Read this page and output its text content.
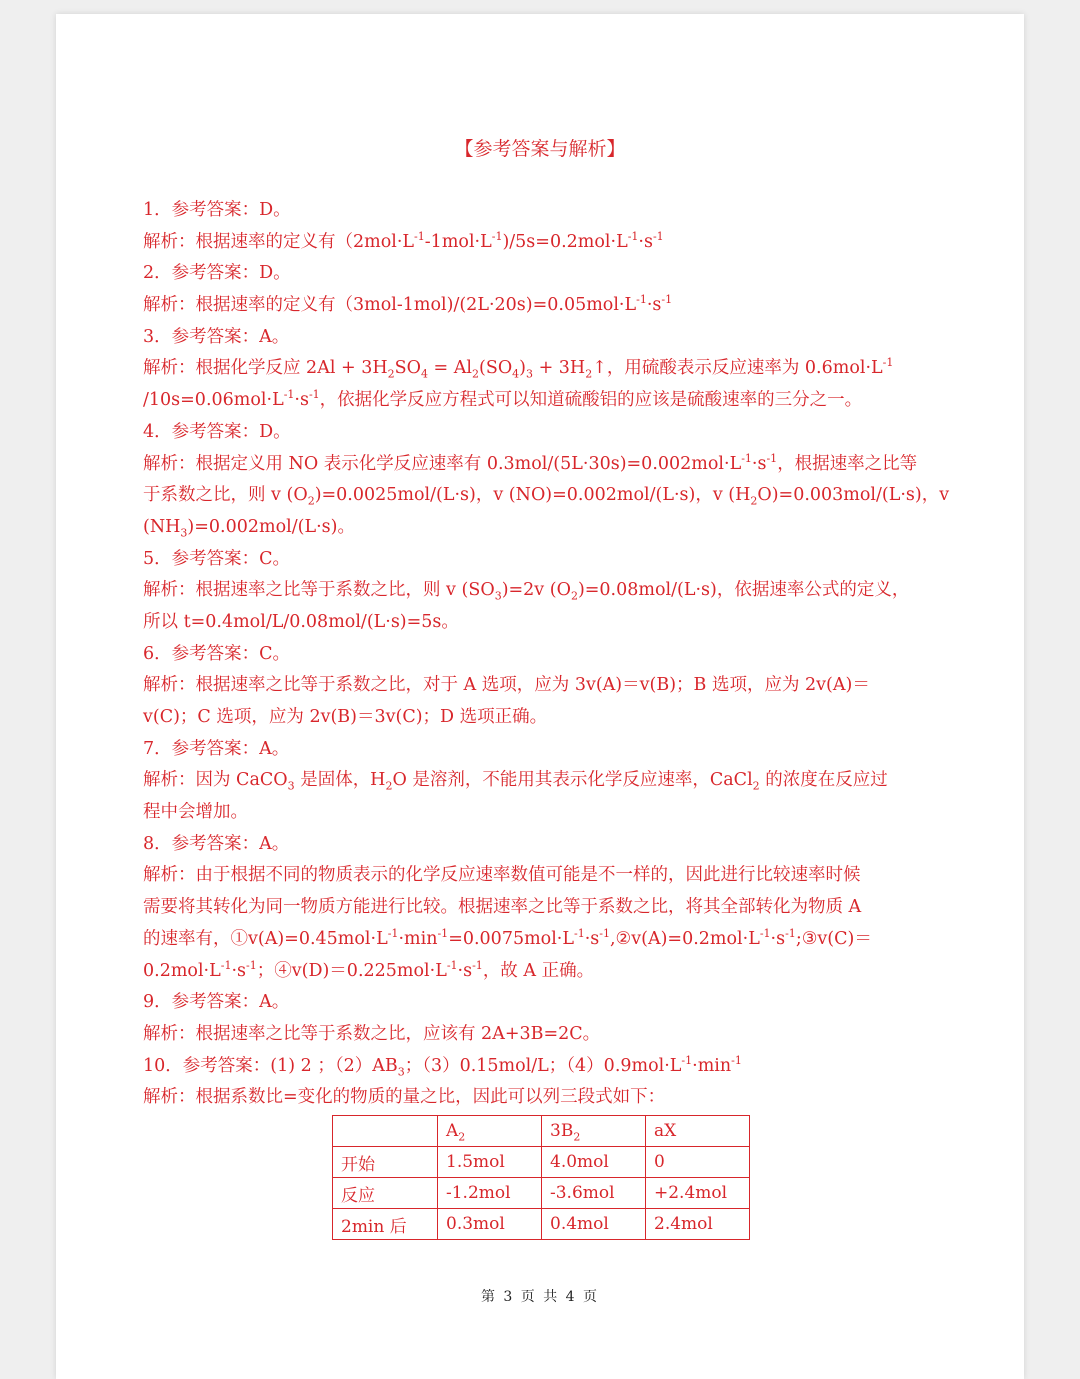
【参考答案与解析】
1．参考答案：D。
解析：根据速率的定义有$(2mol\cdot L^{-1}-1mol\cdot L^{-1})/5s=0.2mol\cdot L^{-1}\cdot s^{-1}$
2．参考答案：D。
解析：根据速率的定义有$(3mol-1mol)/(2L\cdot 20s)=0.05mol\cdot L^{-1}\cdot s^{-1}$
3．参考答案：A。
解析：根据化学反应 $2Al + 3H_2SO_4 = Al_2(SO_4)_3$ + $3H_2↑$，用硫酸表示反应速率为 $0.6mol\cdot L^{-1}$
$/10s=0.06mol\cdot L^{-1}\cdot s^{-1}$，依据化学反应方程式可以知道硫酸铝的应该是硫酸速率的三分之一。
4．参考答案：D。
解析：根据定义用 NO 表示化学反应速率有 $0.3mol/(5L\cdot 30s)=0.002mol\cdot L^{-1}\cdot s^{-1}$，根据速率之比等
于系数之比，则 v $(O_2)=0.0025mol/(L\cdot s)$，v (NO)=0.002mol/(L·s)，v $(H_2O)=0.003mol/(L\cdot s)$，v
$(NH_3)=0.002mol/(L\cdot s)$。
5．参考答案：C。
解析：根据速率之比等于系数之比，则 v $(SO_3)=2v$ $(O_2)=0.08mol/(L\cdot s)$，依据速率公式的定义，
所以 t=0.4mol/L/0.08mol/(L·s)=5s。
6．参考答案：C。
解析：根据速率之比等于系数之比，对于 A 选项，应为 3v(A)＝v(B)；B 选项，应为 2v(A)＝
v(C)；C 选项，应为 2v(B)＝3v(C)；D 选项正确。
7．参考答案：A。
解析：因为 CaCO$_3$ 是固体，$H_2O$ 是溶剂，不能用其表示化学反应速率，CaCl$_2$ 的浓度在反应过
程中会增加。
8．参考答案：A。
解析：由于根据不同的物质表示的化学反应速率数值可能是不一样的，因此进行比较速率时候
需要将其转化为同一物质方能进行比较。根据速率之比等于系数之比，将其全部转化为物质 A
的速率有，$①v(A)=0.45mol\cdot L^{-1}\cdot\min^{-1}=0.0075mol\cdot L^{-1}\cdot s^{-1},②v(A)=0.2mol\cdot L^{-1}\cdot s^{-1};③v(C)=$
$0.2mol\cdot L^{-1}\cdot s^{-1}$；$④v(D)=0.225mol\cdot L^{-1}\cdot s^{-1}$，故 A 正确。
9．参考答案：A。
解析：根据速率之比等于系数之比，应该有 2A+3B=2C。
10．参考答案：(1) 2 ；$(2)AB_3$；（3）0.15mol/L；$(4)0.9mol\cdot L^{-1}\cdot\min^{-1}$
解析：根据系数比=变化的物质的量之比，因此可以列三段式如下：
	$A_2$	$3B_2$	aX
开始	1.5mol	4.0mol	0
反应	-1.2mol	-3.6mol	+2.4mol
2min 后	0.3mol	0.4mol	2.4mol
第 3 页 共 4 页
